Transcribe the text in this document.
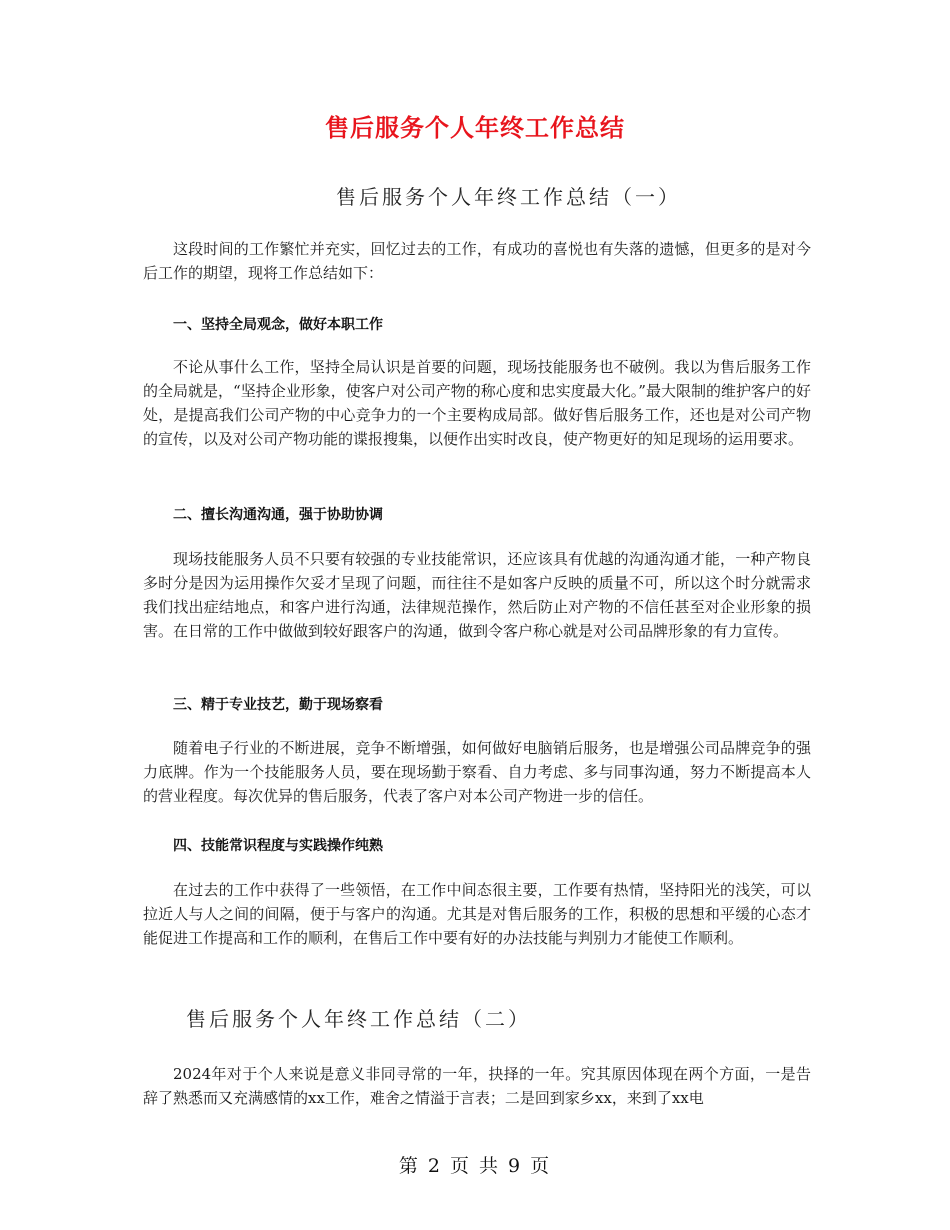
售后服务个人年终工作总结
售后服务个人年终工作总结（一）
这段时间的工作繁忙并充实，回忆过去的工作，有成功的喜悦也有失落的遗憾，但更多的是对今后工作的期望，现将工作总结如下：
一、坚持全局观念，做好本职工作
不论从事什么工作，坚持全局认识是首要的问题，现场技能服务也不破例。我以为售后服务工作的全局就是，“坚持企业形象，使客户对公司产物的称心度和忠实度最大化。”最大限制的维护客户的好处，是提高我们公司产物的中心竞争力的一个主要构成局部。做好售后服务工作，还也是对公司产物的宣传，以及对公司产物功能的谍报搜集，以便作出实时改良，使产物更好的知足现场的运用要求。
二、擅长沟通沟通，强于协助协调
现场技能服务人员不只要有较强的专业技能常识，还应该具有优越的沟通沟通才能，一种产物良多时分是因为运用操作欠妥才呈现了问题，而往往不是如客户反映的质量不可，所以这个时分就需求我们找出症结地点，和客户进行沟通，法律规范操作，然后防止对产物的不信任甚至对企业形象的损害。在日常的工作中做做到较好跟客户的沟通，做到令客户称心就是对公司品牌形象的有力宣传。
三、精于专业技艺，勤于现场察看
随着电子行业的不断进展，竞争不断增强，如何做好电脑销后服务，也是增强公司品牌竞争的强力底牌。作为一个技能服务人员，要在现场勤于察看、自力考虑、多与同事沟通，努力不断提高本人的营业程度。每次优异的售后服务，代表了客户对本公司产物进一步的信任。
四、技能常识程度与实践操作纯熟
在过去的工作中获得了一些领悟，在工作中间态很主要，工作要有热情，坚持阳光的浅笑，可以拉近人与人之间的间隔，便于与客户的沟通。尤其是对售后服务的工作，积极的思想和平缓的心态才能促进工作提高和工作的顺利，在售后工作中要有好的办法技能与判别力才能使工作顺利。
售后服务个人年终工作总结（二）
2024年对于个人来说是意义非同寻常的一年，抉择的一年。究其原因体现在两个方面，一是告辞了熟悉而又充满感情的xx工作，难舍之情溢于言表；二是回到家乡xx，来到了xx电
第 2 页 共 9 页
